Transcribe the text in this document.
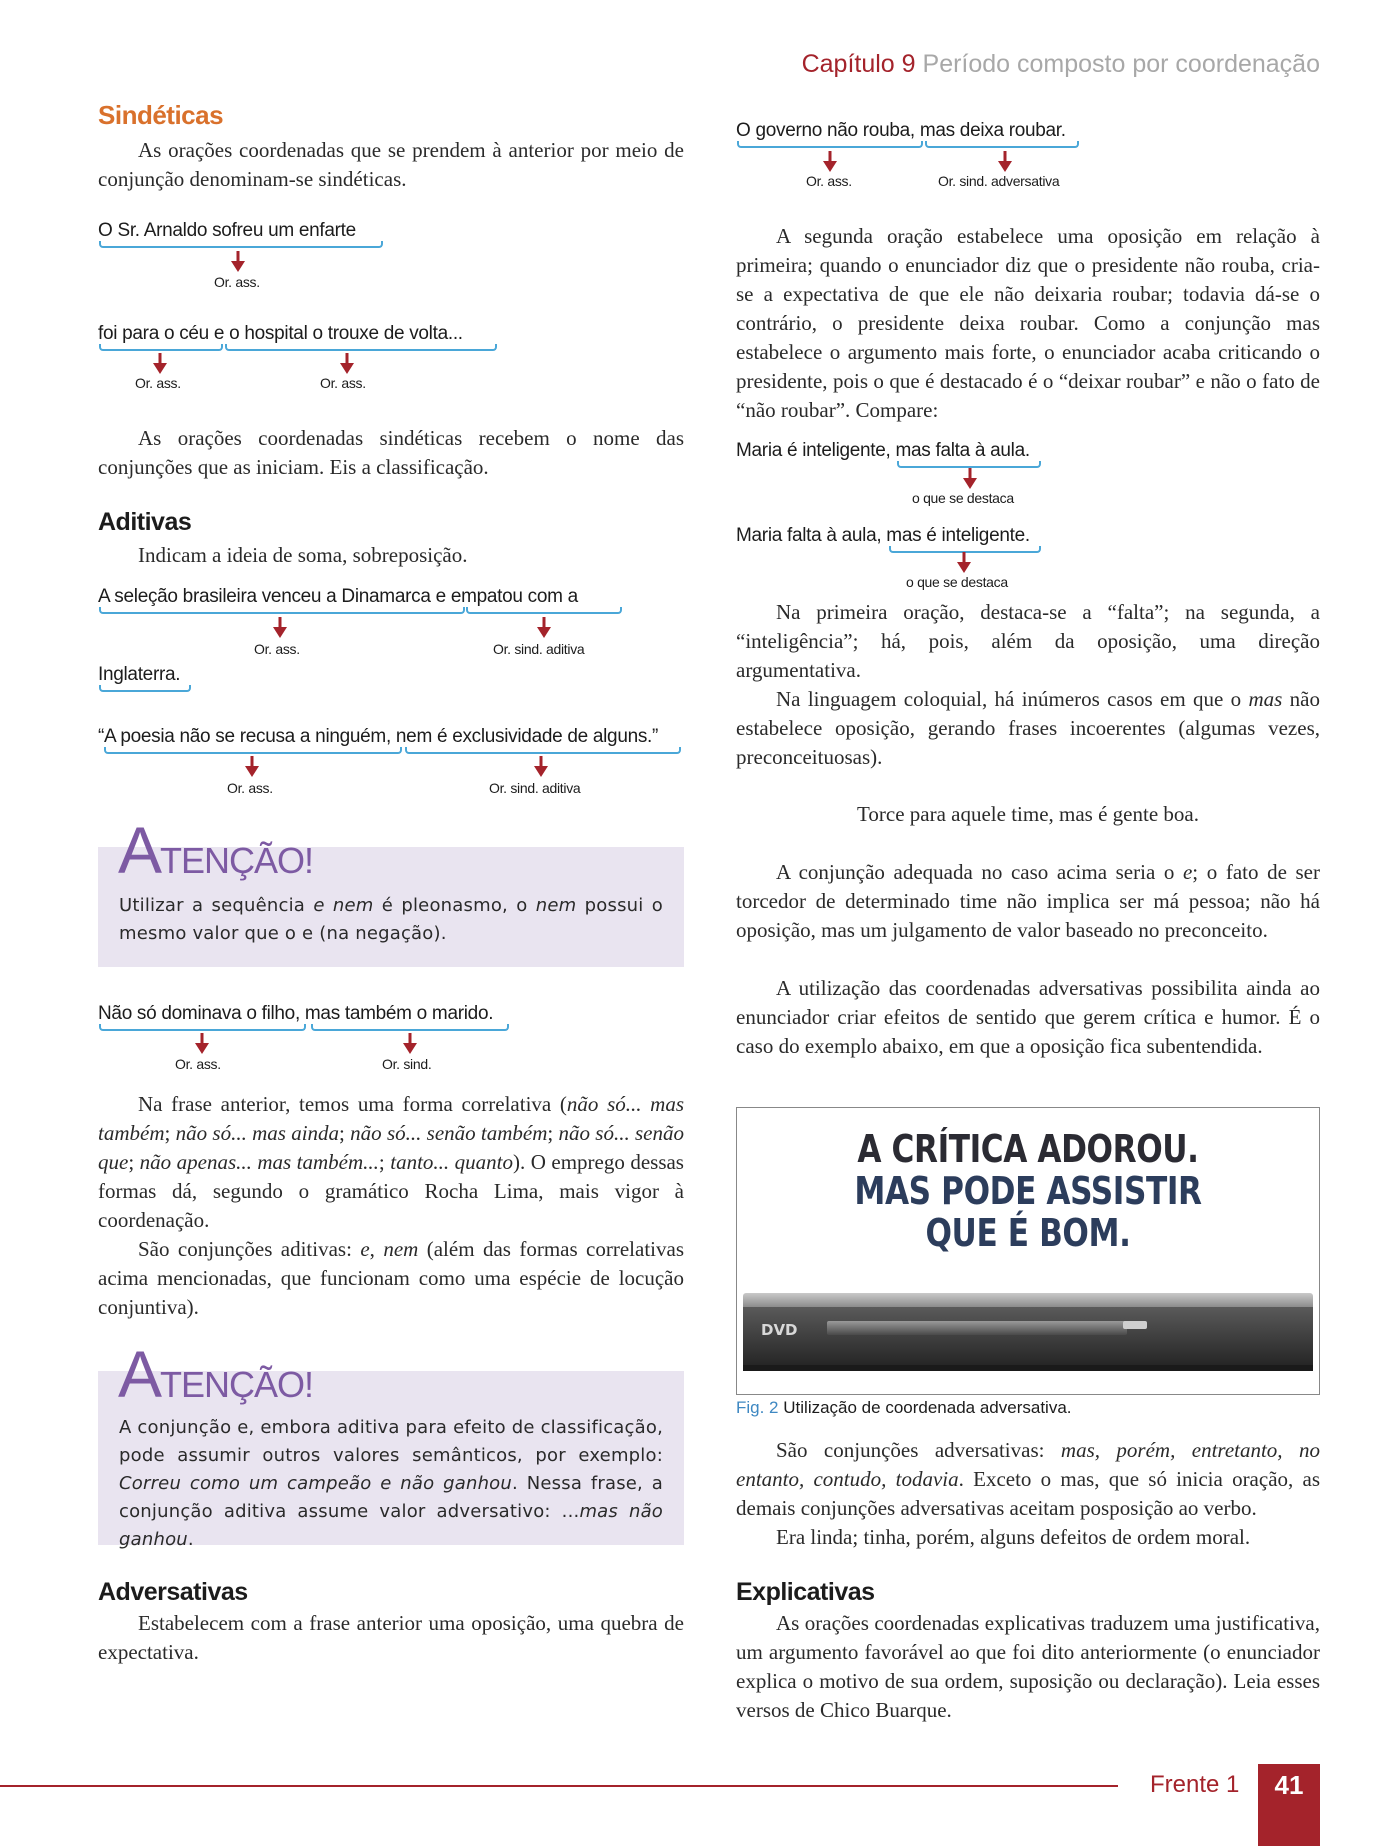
Capítulo 9 Período composto por coordenação
Sindéticas

As orações coordenadas que se prendem à anterior por meio de conjunção denominam-se sindéticas.

O Sr. Arnaldo sofreu um enfarte
Or. ass.
foi para o céu e o hospital o trouxe de volta...
Or. ass.	Or. ass.

As orações coordenadas sindéticas recebem o nome das conjunções que as iniciam. Eis a classificação.

Aditivas

Indicam a ideia de soma, sobreposição.

A seleção brasileira venceu a Dinamarca e empatou com a
Or. ass.	Or. sind. aditiva
Inglaterra.
“A poesia não se recusa a ninguém, nem é exclusividade de alguns.”
Or. ass.	Or. sind. aditiva
ATENÇÃO!
Utilizar a sequência e nem é pleonasmo, o nem possui o mesmo valor que o e (na negação).
Não só dominava o filho, mas também o marido.
Or. ass.	Or. sind.

Na frase anterior, temos uma forma correlativa (não só... mas também; não só... mas ainda; não só... senão também; não só... senão que; não apenas... mas também...; tanto... quanto). O emprego dessas formas dá, segundo o gramático Rocha Lima, mais vigor à coordenação.

São conjunções aditivas: e, nem (além das formas correlativas acima mencionadas, que funcionam como uma espécie de locução conjuntiva).

ATENÇÃO!
A conjunção e, embora aditiva para efeito de classificação, pode assumir outros valores semânticos, por exemplo: Correu como um campeão e não ganhou. Nessa frase, a conjunção aditiva assume valor adversativo: ...mas não ganhou.
Adversativas

Estabelecem com a frase anterior uma oposição, uma quebra de expectativa.

O governo não rouba, mas deixa roubar.
Or. ass.	Or. sind. adversativa

A segunda oração estabelece uma oposição em relação à primeira; quando o enunciador diz que o presidente não rouba, cria-se a expectativa de que ele não deixaria roubar; todavia dá-se o contrário, o presidente deixa roubar. Como a conjunção mas estabelece o argumento mais forte, o enunciador acaba criticando o presidente, pois o que é destacado é o “deixar roubar” e não o fato de “não roubar”. Compare:

Maria é inteligente, mas falta à aula.
o que se destaca
Maria falta à aula, mas é inteligente.
o que se destaca

Na primeira oração, destaca-se a “falta”; na segunda, a “inteligência”; há, pois, além da oposição, uma direção argumentativa.

Na linguagem coloquial, há inúmeros casos em que o mas não estabelece oposição, gerando frases incoerentes (algumas vezes, preconceituosas).

Torce para aquele time, mas é gente boa.

A conjunção adequada no caso acima seria o e; o fato de ser torcedor de determinado time não implica ser má pessoa; não há oposição, mas um julgamento de valor baseado no preconceito.

A utilização das coordenadas adversativas possibilita ainda ao enunciador criar efeitos de sentido que gerem crítica e humor. É o caso do exemplo abaixo, em que a oposição fica subentendida.

A CRÍTICA ADOROU.
MAS PODE ASSISTIR
QUE É BOM.
DVD
Fig. 2 Utilização de coordenada adversativa.

São conjunções adversativas: mas, porém, entretanto, no entanto, contudo, todavia. Exceto o mas, que só inicia oração, as demais conjunções adversativas aceitam posposição ao verbo.

Era linda; tinha, porém, alguns defeitos de ordem moral.

Explicativas

As orações coordenadas explicativas traduzem uma justificativa, um argumento favorável ao que foi dito anteriormente (o enunciador explica o motivo de sua ordem, suposição ou declaração). Leia esses versos de Chico Buarque.

Frente 1	41
